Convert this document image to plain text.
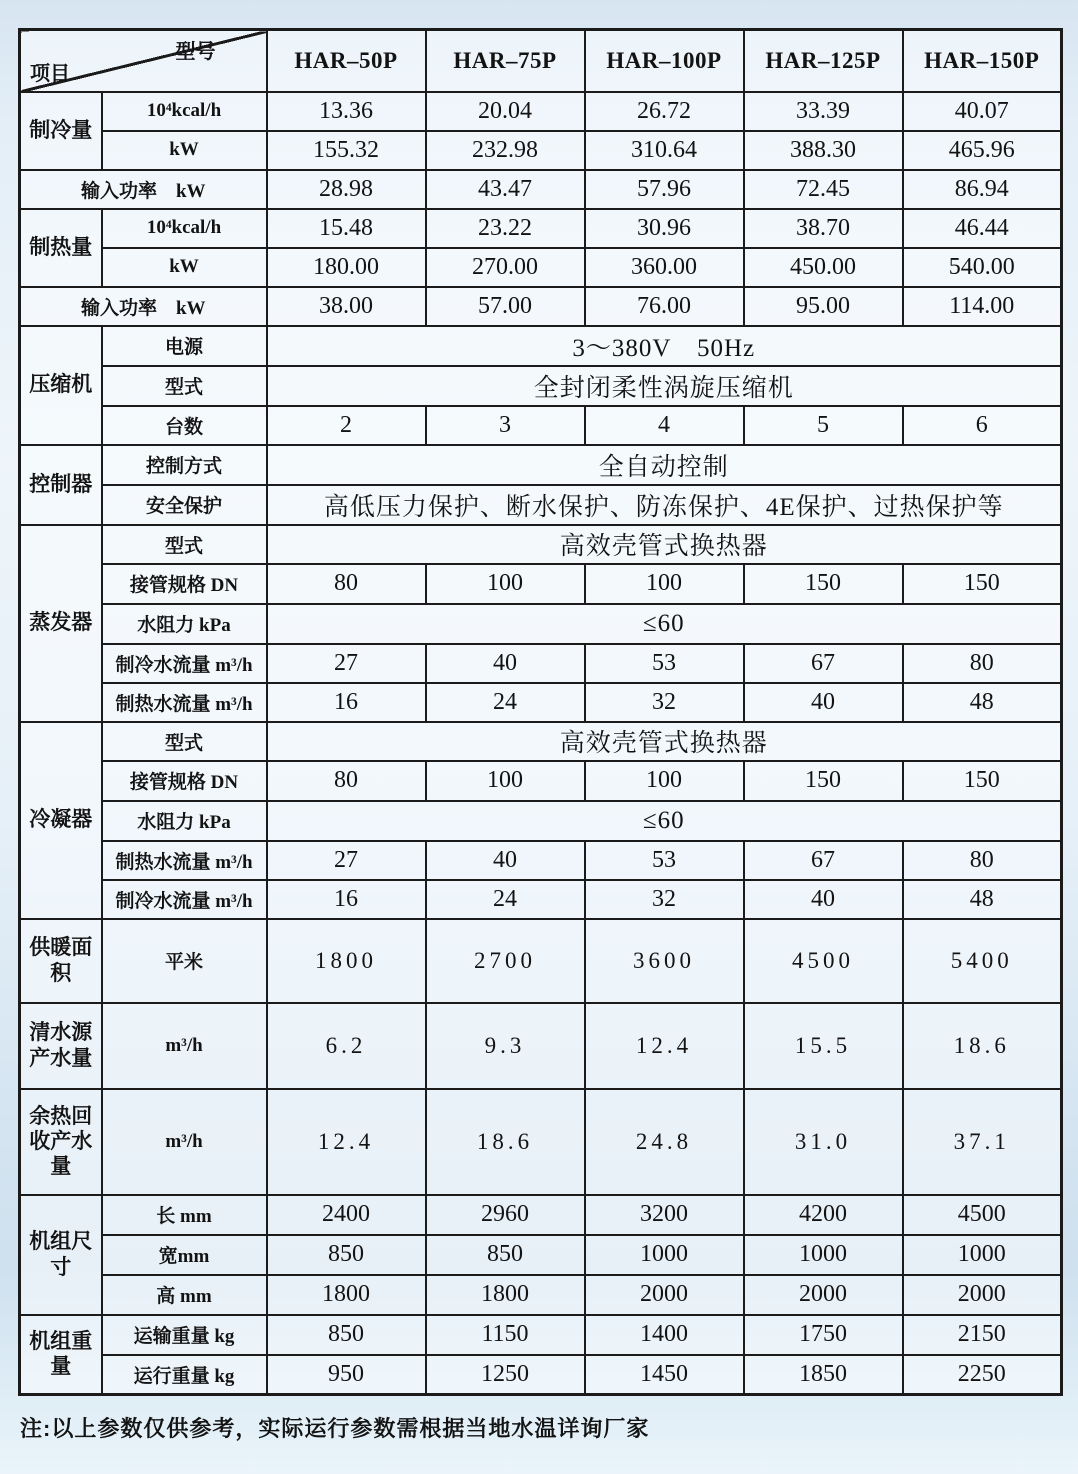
型号
项目		HAR–50P	HAR–75P	HAR–100P	HAR–125P	HAR–150P
制冷量	10⁴kcal/h	13.36	20.04	26.72	33.39	40.07
	kW	155.32	232.98	310.64	388.30	465.96
输入功率　kW		28.98	43.47	57.96	72.45	86.94
制热量	10⁴kcal/h	15.48	23.22	30.96	38.70	46.44
	kW	180.00	270.00	360.00	450.00	540.00
输入功率　kW		38.00	57.00	76.00	95.00	114.00
压缩机	电源	3～380V　50Hz				
	型式	全封闭柔性涡旋压缩机				
	台数	2	3	4	5	6
控制器	控制方式	全自动控制				
	安全保护	高低压力保护、断水保护、防冻保护、4E保护、过热保护等				
蒸发器	型式	高效壳管式换热器				
	接管规格 DN	80	100	100	150	150
	水阻力 kPa	≤60				
	制冷水流量 m³/h	27	40	53	67	80
	制热水流量 m³/h	16	24	32	40	48
冷凝器	型式	高效壳管式换热器				
	接管规格 DN	80	100	100	150	150
	水阻力 kPa	≤60				
	制热水流量 m³/h	27	40	53	67	80
	制冷水流量 m³/h	16	24	32	40	48
供暖面积	平米	1800	2700	3600	4500	5400
清水源产水量	m³/h	6.2	9.3	12.4	15.5	18.6
余热回收产水量	m³/h	12.4	18.6	24.8	31.0	37.1
机组尺寸	长 mm	2400	2960	3200	4200	4500
	宽mm	850	850	1000	1000	1000
	高 mm	1800	1800	2000	2000	2000
机组重量	运输重量 kg	850	1150	1400	1750	2150
	运行重量 kg	950	1250	1450	1850	2250
注:以上参数仅供参考，实际运行参数需根据当地水温详询厂家
